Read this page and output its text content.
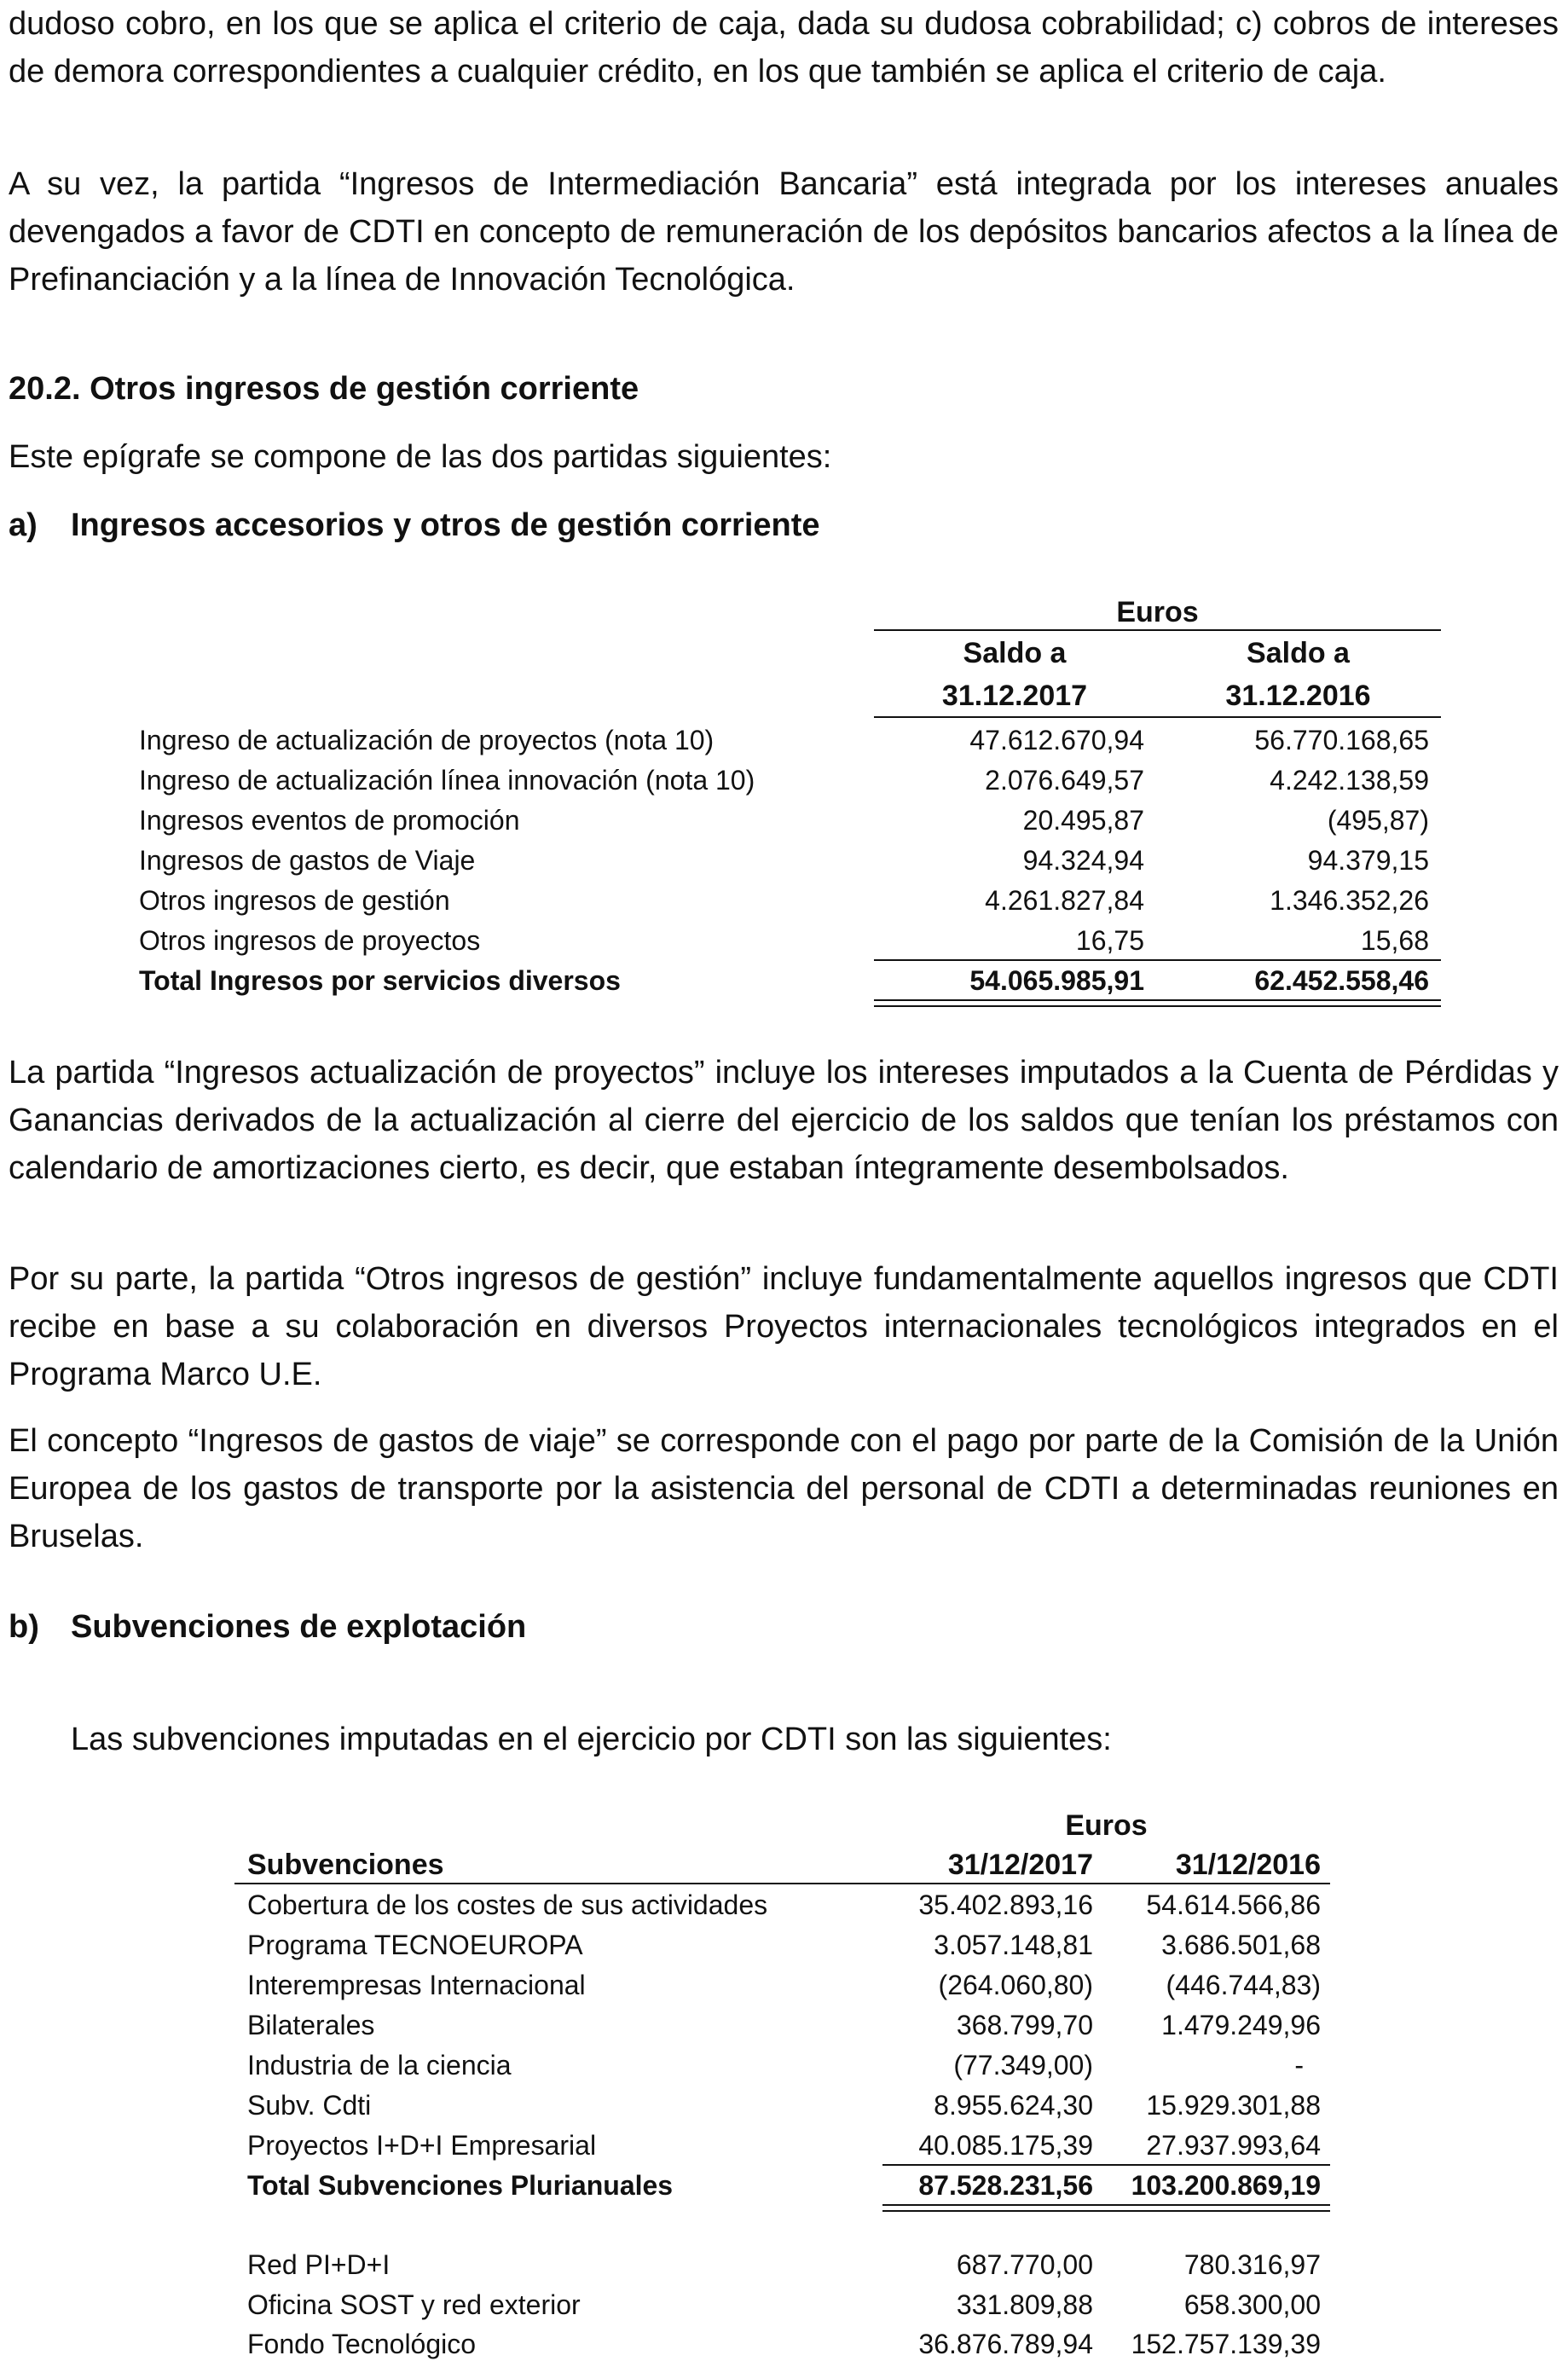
dudoso cobro, en los que se aplica el criterio de caja, dada su dudosa cobrabilidad; c) cobros de intereses de demora correspondientes a cualquier crédito, en los que también se aplica el criterio de caja.

A su vez, la partida “Ingresos de Intermediación Bancaria” está integrada por los intereses anuales devengados a favor de CDTI en concepto de remuneración de los depósitos bancarios afectos a la línea de Prefinanciación y a la línea de Innovación Tecnológica.

20.2. Otros ingresos de gestión corriente

Este epígrafe se compone de las dos partidas siguientes:

a) Ingresos accesorios y otros de gestión corriente

Euros
Saldo a	Saldo a
31.12.2017	31.12.2016
Ingreso de actualización de proyectos (nota 10)	47.612.670,94	56.770.168,65
Ingreso de actualización línea innovación (nota 10)	2.076.649,57	4.242.138,59
Ingresos eventos de promoción	20.495,87	(495,87)
Ingresos de gastos de Viaje	94.324,94	94.379,15
Otros ingresos de gestión	4.261.827,84	1.346.352,26
Otros ingresos de proyectos	16,75	15,68
Total Ingresos por servicios diversos	54.065.985,91	62.452.558,46

La partida “Ingresos actualización de proyectos” incluye los intereses imputados a la Cuenta de Pérdidas y Ganancias derivados de la actualización al cierre del ejercicio de los saldos que tenían los préstamos con calendario de amortizaciones cierto, es decir, que estaban íntegramente desembolsados.

Por su parte, la partida “Otros ingresos de gestión” incluye fundamentalmente aquellos ingresos que CDTI recibe en base a su colaboración en diversos Proyectos internacionales tecnológicos integrados en el Programa Marco U.E.

El concepto “Ingresos de gastos de viaje” se corresponde con el pago por parte de la Comisión de la Unión Europea de los gastos de transporte por la asistencia del personal de CDTI a determinadas reuniones en Bruselas.

b) Subvenciones de explotación

Las subvenciones imputadas en el ejercicio por CDTI son las siguientes:

Euros
Subvenciones	31/12/2017	31/12/2016
Cobertura de los costes de sus actividades	35.402.893,16 54.614.566,86
Programa TECNOEUROPA	3.057.148,81	3.686.501,68
Interempresas Internacional	(264.060,80)	(446.744,83)
Bilaterales	368.799,70	1.479.249,96
Industria de la ciencia	(77.349,00)	-
Subv. Cdti	8.955.624,30 15.929.301,88
Proyectos I+D+I Empresarial	40.085.175,39 27.937.993,64
Total Subvenciones Plurianuales	87.528.231,56 103.200.869,19
Red PI+D+I	687.770,00	780.316,97
Oficina SOST y red exterior	331.809,88	658.300,00
Fondo Tecnológico	36.876.789,94 152.757.139,39
